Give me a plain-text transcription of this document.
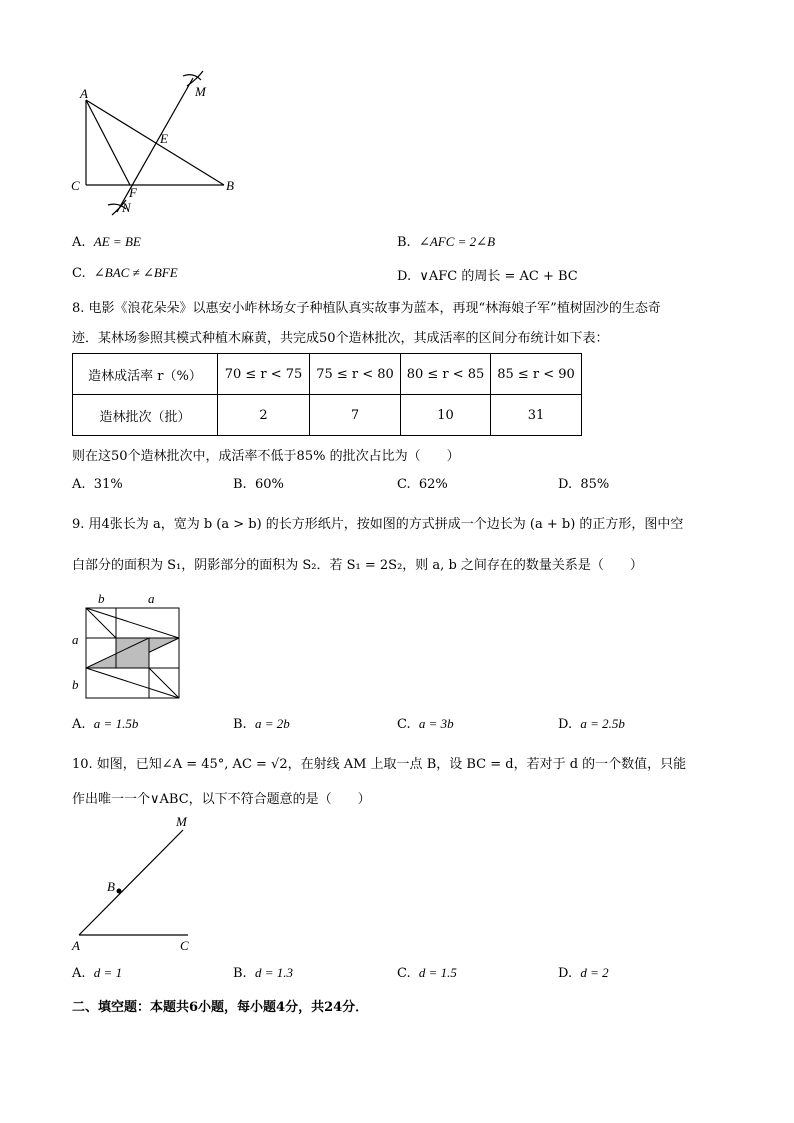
A
C	B
E
F
M
N
A. AE = BE	B. ∠AFC = 2∠B
C. ∠BAC ≠ ∠BFE	D. ∨AFC 的周长 = AC + BC
8. 电影《浪花朵朵》以惠安小岞林场女子种植队真实故事为蓝本，再现“林海娘子军”植树固沙的生态奇
迹．某林场参照其模式种植木麻黄，共完成50个造林批次，其成活率的区间分布统计如下表：
造林成活率 r（%）	70 ≤ r < 75	75 ≤ r < 80	80 ≤ r < 85	85 ≤ r < 90
造林批次（批）	2	7	10	31
则在这50个造林批次中，成活率不低于85% 的批次占比为（　　）
A. 31%	B. 60%	C. 62%	D. 85%
9. 用4张长为 a，宽为 b (a > b) 的长方形纸片，按如图的方式拼成一个边长为 (a + b) 的正方形，图中空
白部分的面积为 S₁，阴影部分的面积为 S₂．若 S₁ = 2S₂，则 a, b 之间存在的数量关系是（　　）
b	a
a
b
A. a = 1.5b	B. a = 2b	C. a = 3b	D. a = 2.5b
10. 如图，已知∠A = 45°, AC = √2，在射线 AM 上取一点 B，设 BC = d，若对于 d 的一个数值，只能
作出唯一一个∨ABC，以下不符合题意的是（　　）
M
B
A	C
A. d = 1	B. d = 1.3	C. d = 1.5	D. d = 2
二、填空题：本题共6小题，每小题4分，共24分．
